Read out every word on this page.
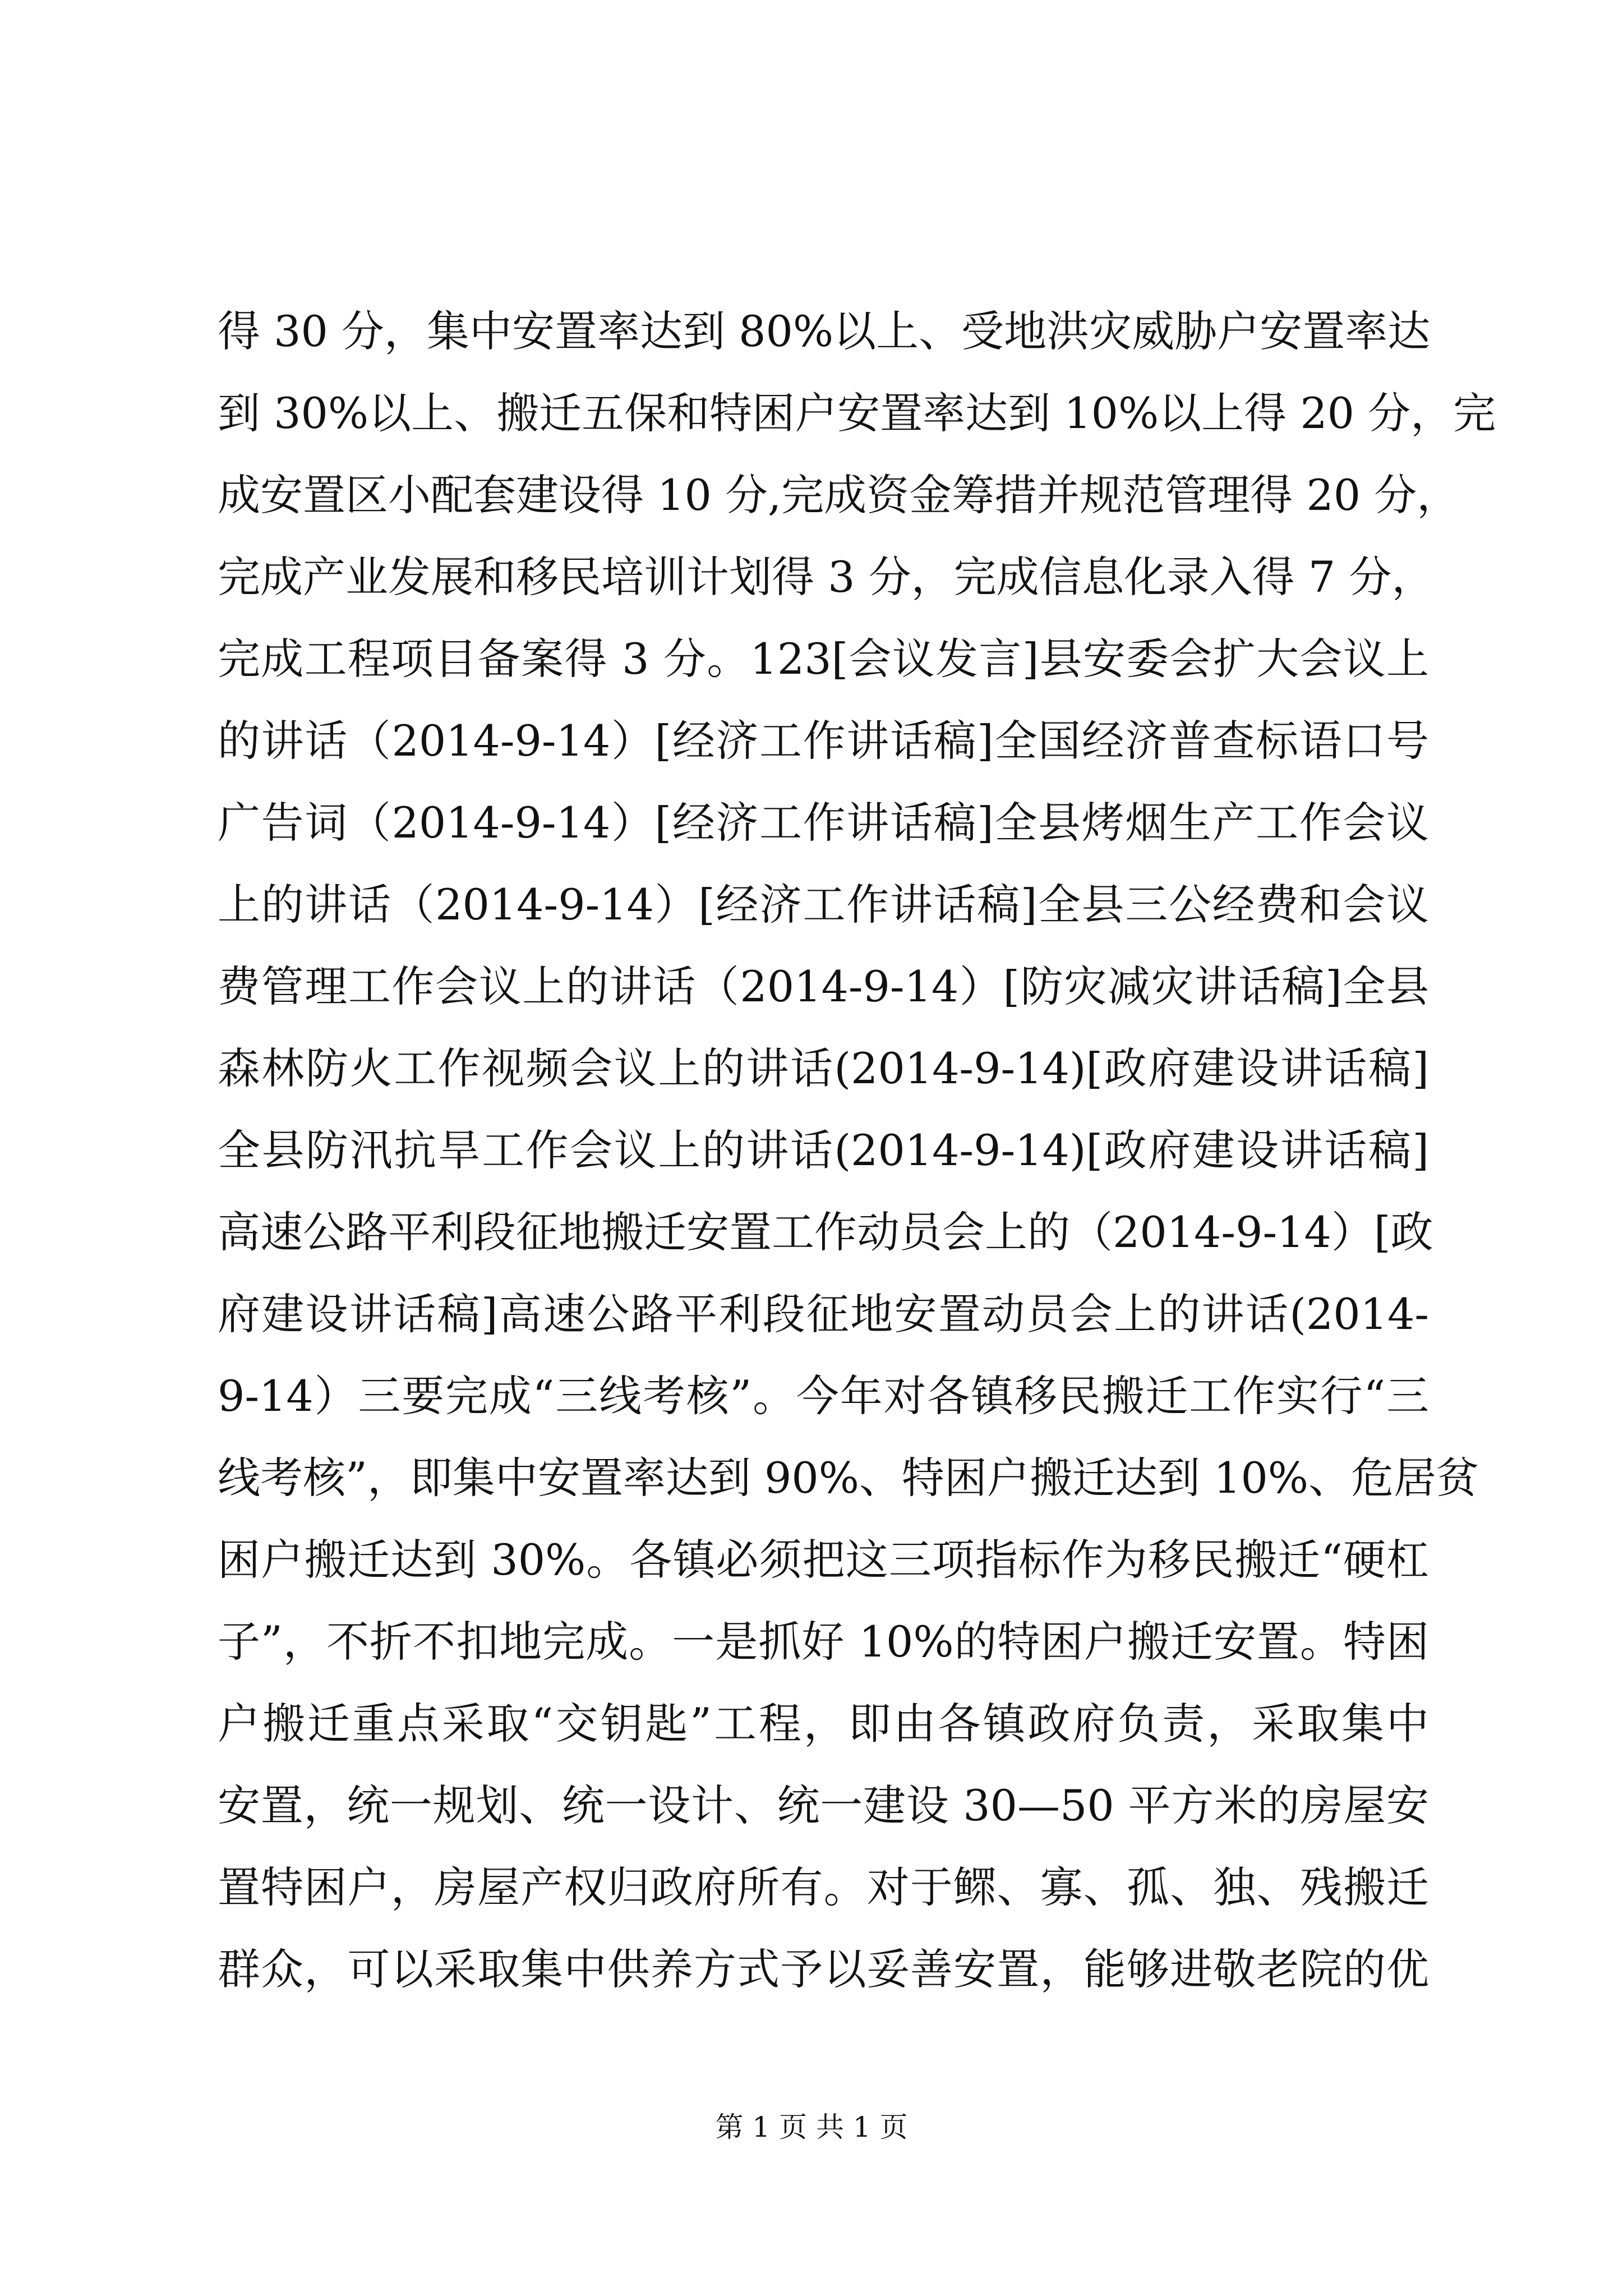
得 30 分，集中安置率达到 80%以上、受地洪灾威胁户安置率达
到 30%以上、搬迁五保和特困户安置率达到 10%以上得 20 分，完
成安置区小配套建设得 10 分,完成资金筹措并规范管理得 20 分，
完成产业发展和移民培训计划得 3 分，完成信息化录入得 7 分，
完成工程项目备案得 3 分。123[会议发言]县安委会扩大会议上
的讲话（2014-9-14）[经济工作讲话稿]全国经济普查标语口号
广告词（2014-9-14）[经济工作讲话稿]全县烤烟生产工作会议
上的讲话（2014-9-14）[经济工作讲话稿]全县三公经费和会议
费管理工作会议上的讲话（2014-9-14）[防灾减灾讲话稿]全县
森林防火工作视频会议上的讲话(2014-9-14)[政府建设讲话稿]
全县防汛抗旱工作会议上的讲话(2014-9-14)[政府建设讲话稿]
高速公路平利段征地搬迁安置工作动员会上的（2014-9-14）[政
府建设讲话稿]高速公路平利段征地安置动员会上的讲话(2014-
9-14）三要完成“三线考核”。今年对各镇移民搬迁工作实行“三
线考核”，即集中安置率达到 90%、特困户搬迁达到 10%、危居贫
困户搬迁达到 30%。各镇必须把这三项指标作为移民搬迁“硬杠
子”，不折不扣地完成。一是抓好 10%的特困户搬迁安置。特困
户搬迁重点采取“交钥匙”工程，即由各镇政府负责，采取集中
安置，统一规划、统一设计、统一建设 30—50 平方米的房屋安
置特困户，房屋产权归政府所有。对于鳏、寡、孤、独、残搬迁
群众，可以采取集中供养方式予以妥善安置，能够进敬老院的优
第 1 页 共 1 页
